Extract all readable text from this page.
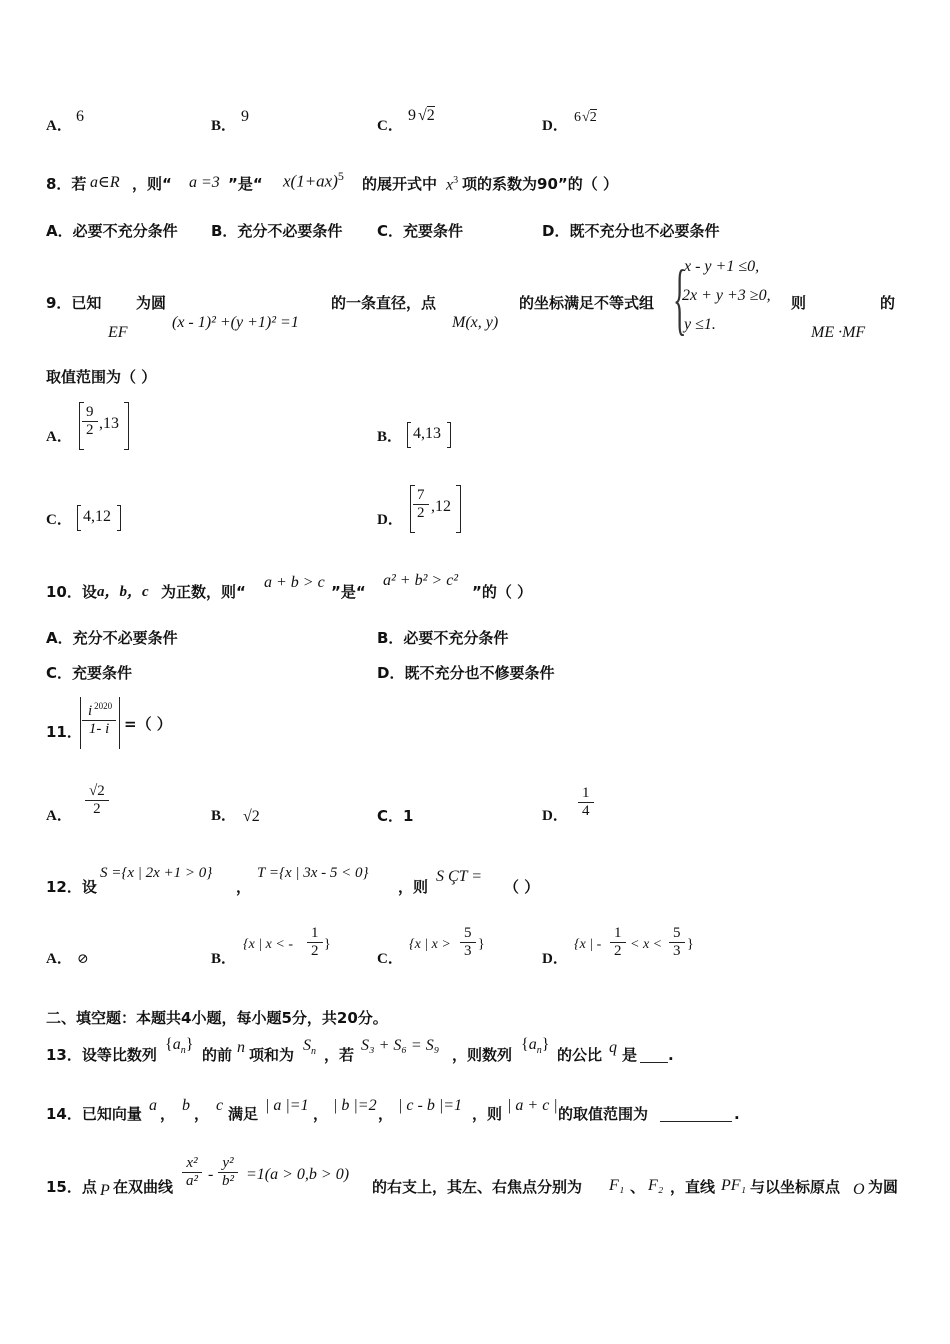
A．
6
B．
9
C．
9 √2
D．
6√2
8．若 a∈R ，则“ a =3 ”是“ $x(1+ax)^5$ 的展开式中 $x^3$ 项的系数为90”的（ ）
A．必要不充分条件 B．充分不必要条件 C．充要条件	D．既不充分也不必要条件
9．已知
EF
为圆
(x - 1)² +(y +1)² =1
的一条直径，点
M(x, y)
的坐标满足不等式组 {
x - y +1 ≤0,
2x + y +3 ≥0,
y ≤1.
则
ME ·MF
的
取值范围为（ ）
A．
9
2 ,13
B． 4,13
C． 4,12	D．
7
2 ,12
10．设 a，b，c 为正数，则“
a + b > c
”是“
a² + b² > c²
”的（ ）
A．充分不必要条件	B．必要不充分条件
C．充要条件	D．既不充分也不修要条件
11．
i $^{2020}$
1- i =（ ）
A．
√2
2	B． √2	C．1	D．
1
4
12．设
S ={x | 2x +1 > 0}
，
T ={x | 3x - 5 < 0}
，则
S ÇT =
（ ）
A． ⊘	B．
{x | x < -
1
2 }
C．
{x | x >
5
3 }
D．
{x | -
1
2 < x <
5
3 }
二、填空题：本题共4小题，每小题5分，共20分。
13．设等比数列
$\{a_n\}$
的前 n 项和为
$S_n$ ，若
S₃ + S₆ = S₉
，则数列
$\{a_n\}$
的公比 q 是 .
14．已知向量 a ， b ， c 满足 | a |=1 ， | b |=2 ， | c - b |=1 ，则 | a + c | 的取值范围为	.
15．点 P 在双曲线
x²
a² -
y²
b² =1(a > 0,b > 0)
的右支上，其左、右焦点分别为 F₁ 、 F₂ ，直线 PF₁ 与以坐标原点 O 为圆
